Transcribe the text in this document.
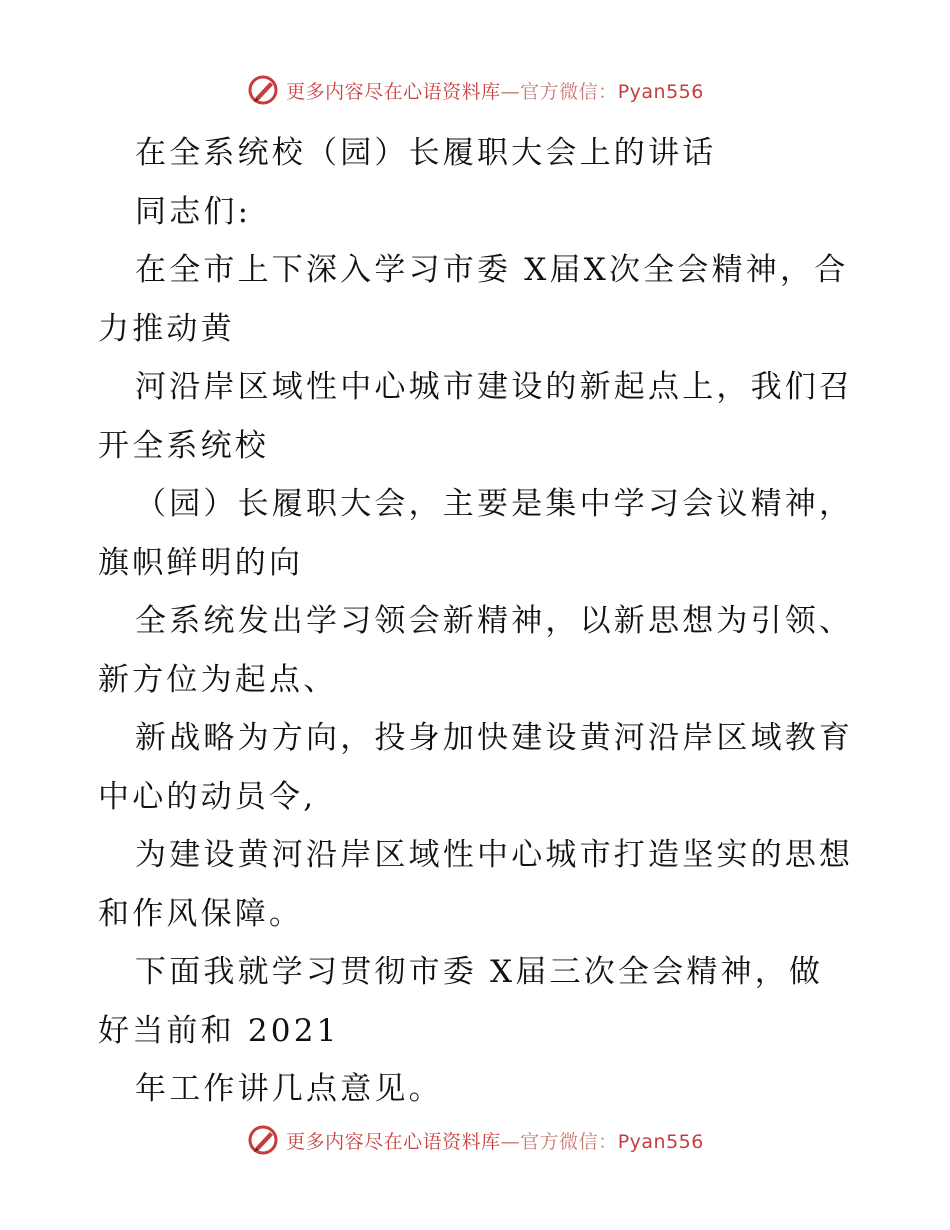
更多内容尽在心语资料库—官方微信：Pyan556
在全系统校（园）长履职大会上的讲话
同志们:
在全市上下深入学习市委 X届X次全会精神，合
力推动黄
河沿岸区域性中心城市建设的新起点上，我们召
开全系统校
（园）长履职大会，主要是集中学习会议精神，
旗帜鲜明的向
全系统发出学习领会新精神，以新思想为引领、
新方位为起点、
新战略为方向，投身加快建设黄河沿岸区域教育
中心的动员令,
为建设黄河沿岸区域性中心城市打造坚实的思想
和作风保障。
下面我就学习贯彻市委 X届三次全会精神，做
好当前和 2021
年工作讲几点意见。
更多内容尽在心语资料库—官方微信：Pyan556
